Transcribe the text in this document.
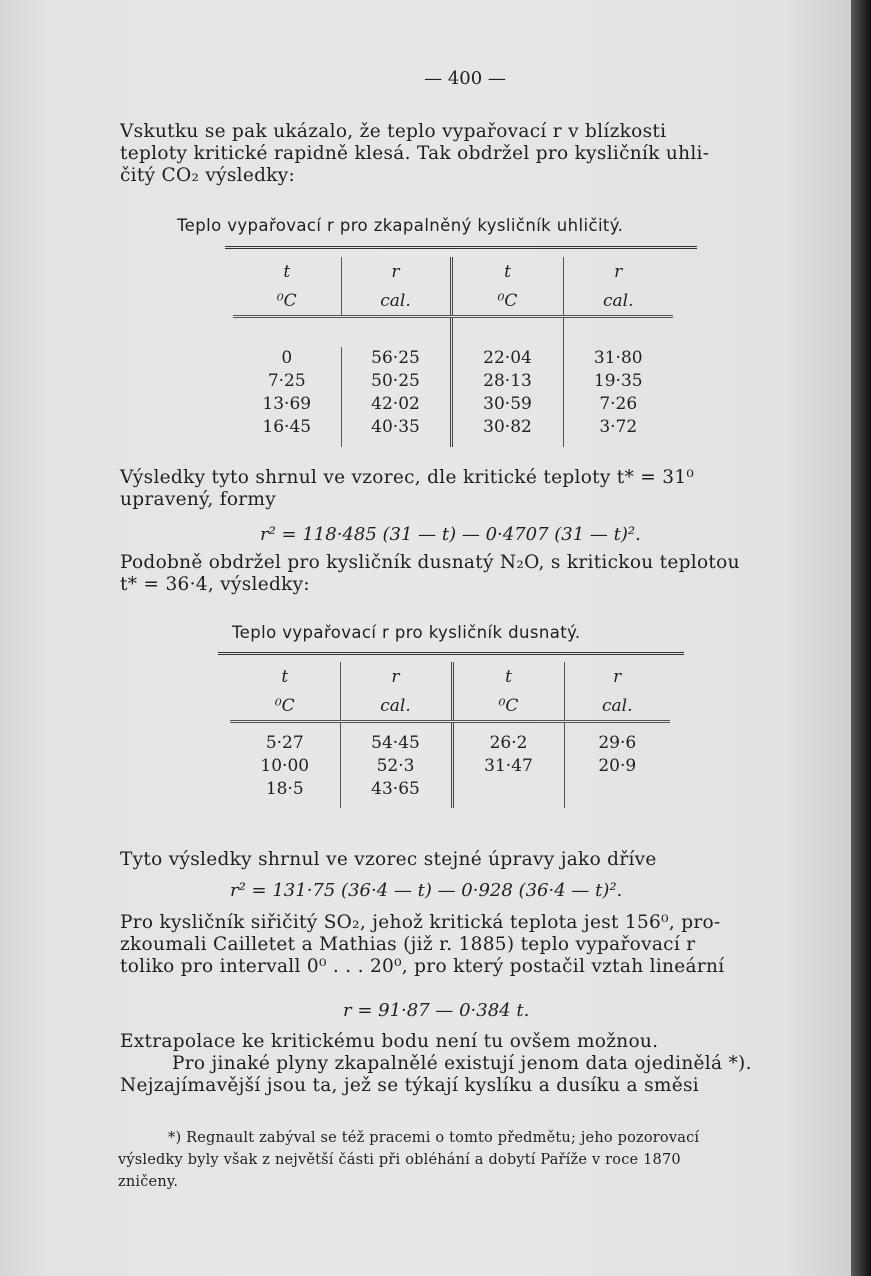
— 400 —

Vskutku se pak ukázalo, že teplo vypařovací r v blízkosti

teploty kritické rapidně klesá. Tak obdržel pro kysličník uhli-

čitý CO₂ výsledky:

Teplo vypařovací r pro zkapalněný kysličník uhličitý.
t	r	t	r
⁰C	cal.	⁰C	cal.

0	56·25	22·04	31·80
7·25	50·25	28·13	19·35
13·69	42·02	30·59	7·26
16·45	40·35	30·82	3·72

Výsledky tyto shrnul ve vzorec, dle kritické teploty t* = 31⁰

upravený, formy

r² = 118·485 (31 — t) — 0·4707 (31 — t)².

Podobně obdržel pro kysličník dusnatý N₂O, s kritickou teplotou

t* = 36·4, výsledky:

Teplo vypařovací r pro kysličník dusnatý.
t	r	t	r
⁰C	cal.	⁰C	cal.

5·27	54·45	26·2	29·6
10·00	52·3	31·47	20·9
18·5	43·65		

Tyto výsledky shrnul ve vzorec stejné úpravy jako dříve

r² = 131·75 (36·4 — t) — 0·928 (36·4 — t)².

Pro kysličník siřičitý SO₂, jehož kritická teplota jest 156⁰, pro-

zkoumali Cailletet a Mathias (již r. 1885) teplo vypařovací r

toliko pro intervall 0⁰ . . . 20⁰, pro který postačil vztah lineární

r = 91·87 — 0·384 t.

Extrapolace ke kritickému bodu není tu ovšem možnou.

Pro jinaké plyny zkapalnělé existují jenom data ojedinělá *).

Nejzajímavější jsou ta, jež se týkají kyslíku a dusíku a směsi

*) Regnault zabýval se též pracemi o tomto předmětu; jeho pozorovací

výsledky byly však z největší části při obléhání a dobytí Paříže v roce 1870

zničeny.
